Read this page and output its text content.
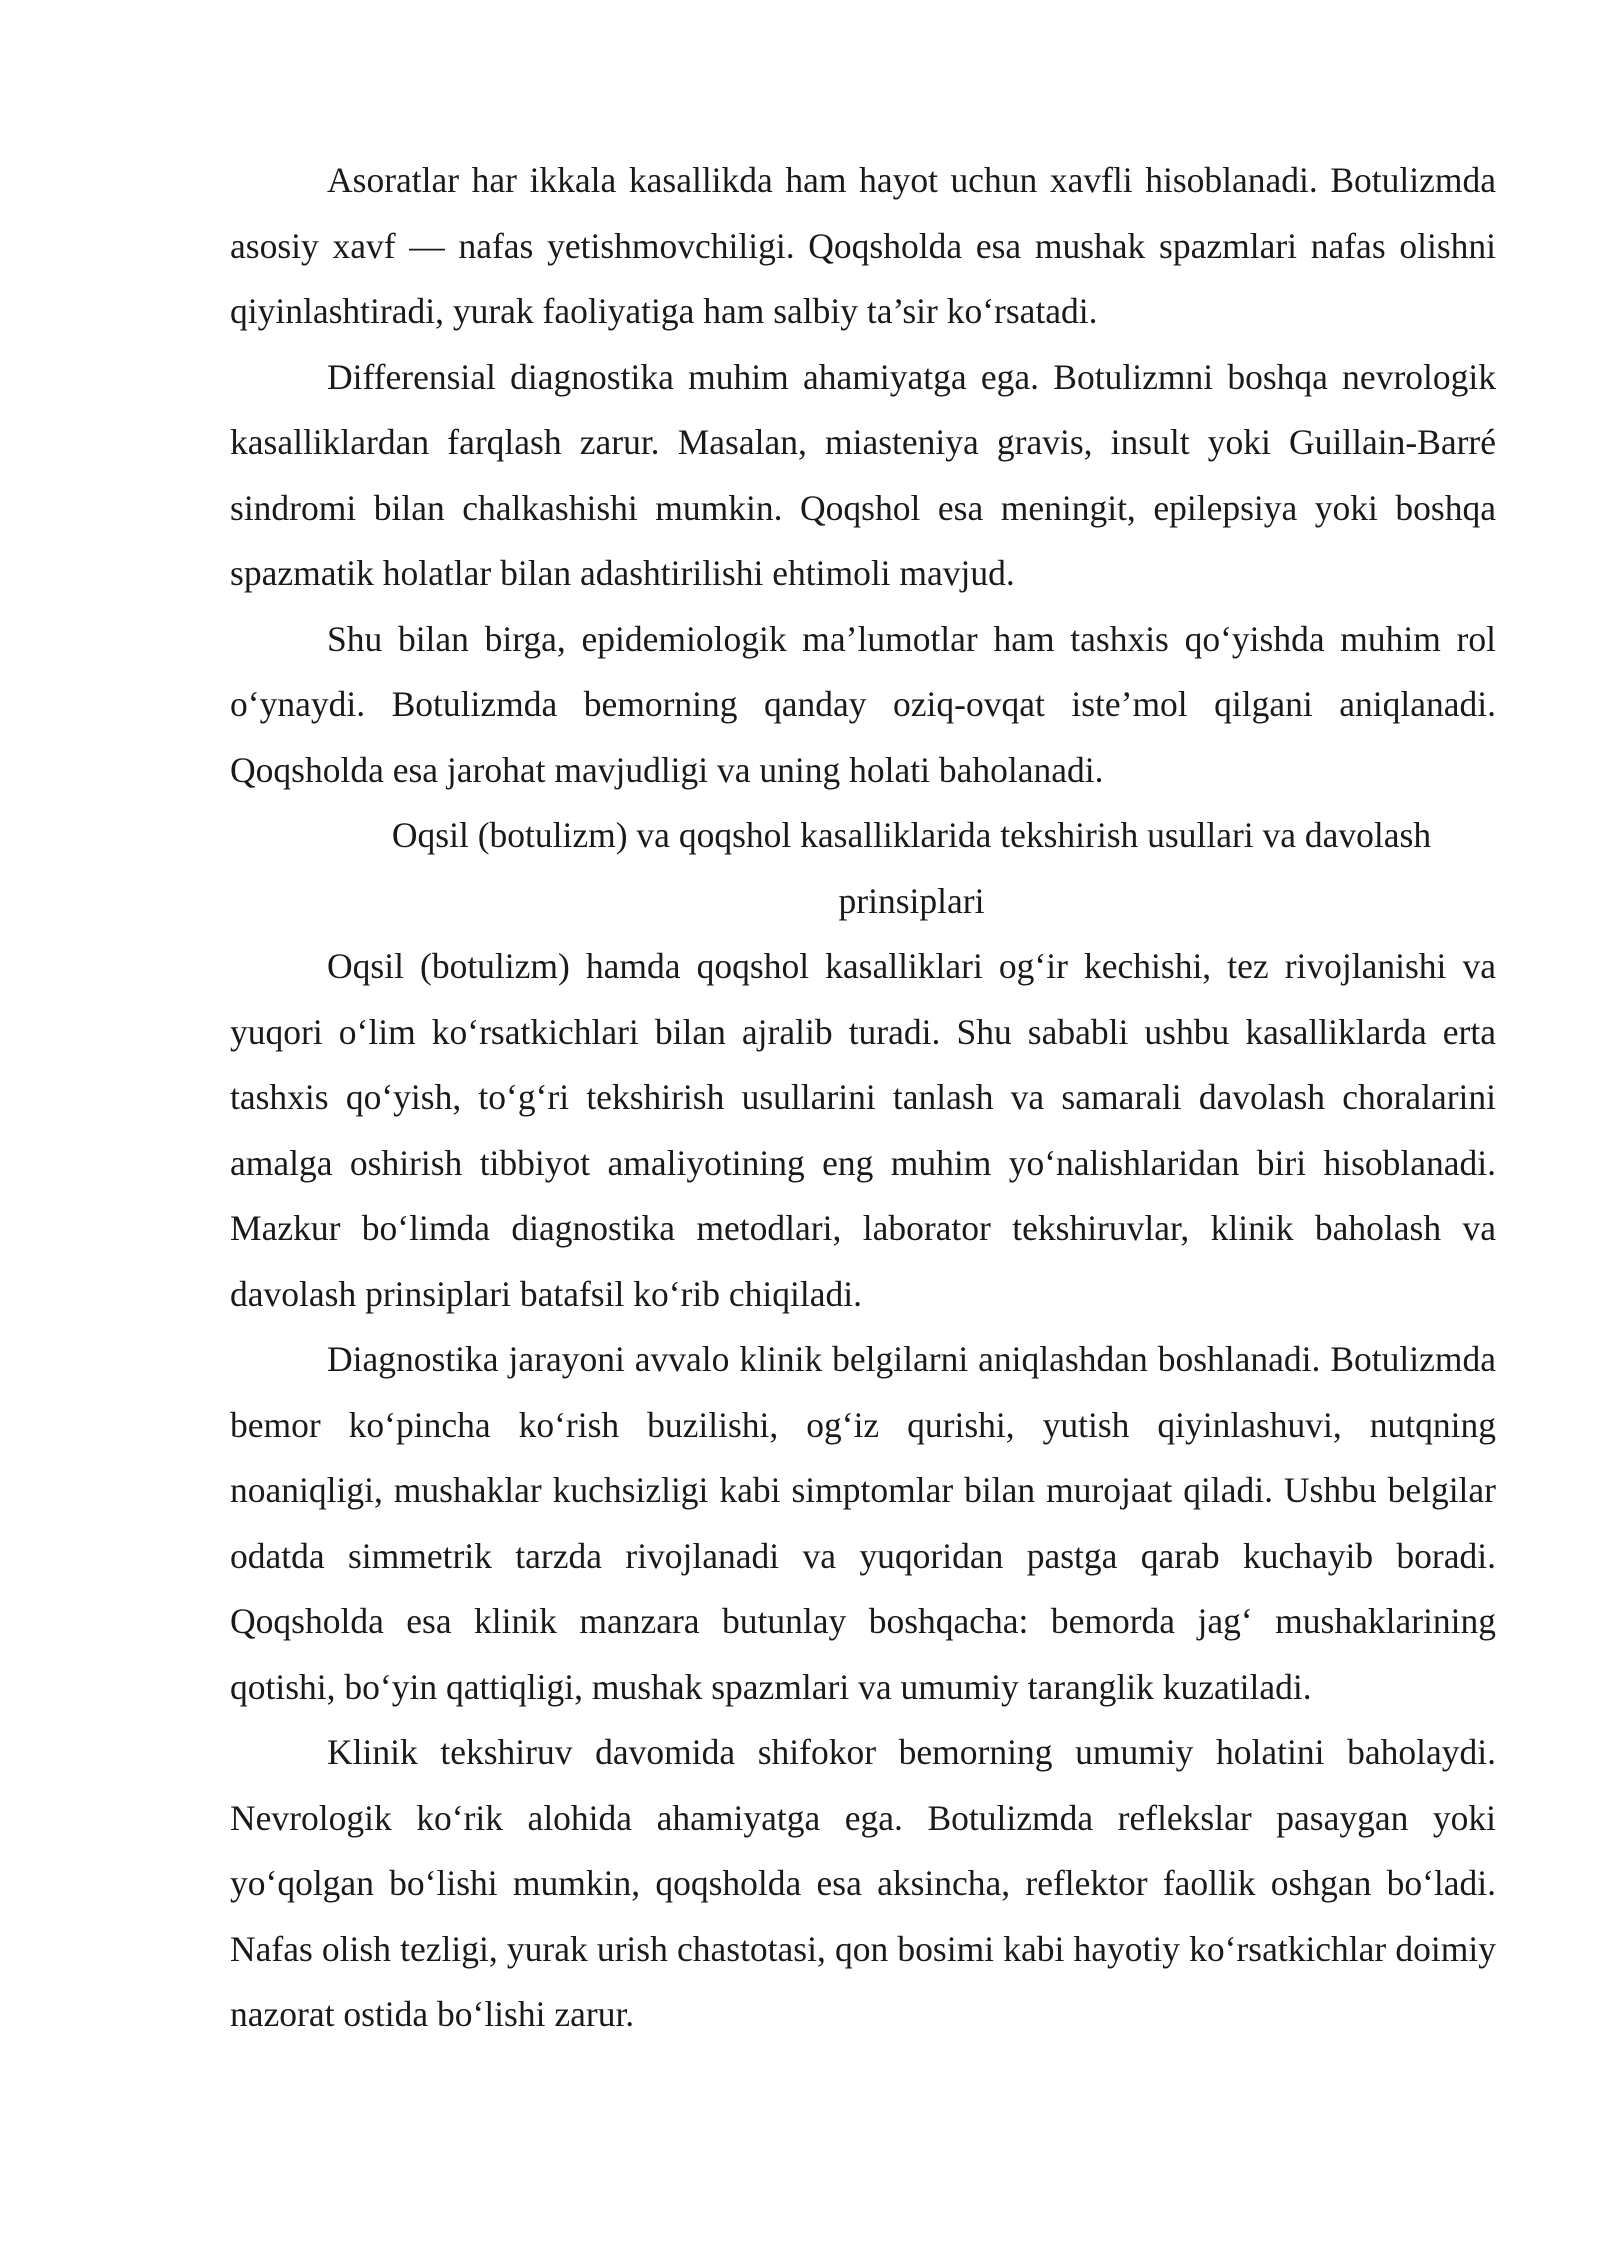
Asoratlar har ikkala kasallikda ham hayot uchun xavfli hisoblanadi. Botulizmda asosiy xavf — nafas yetishmovchiligi. Qoqsholda esa mushak spazmlari nafas olishni qiyinlashtiradi, yurak faoliyatiga ham salbiy ta’sir ko‘rsatadi.

Differensial diagnostika muhim ahamiyatga ega. Botulizmni boshqa nevrologik kasalliklardan farqlash zarur. Masalan, miasteniya gravis, insult yoki Guillain-Barré sindromi bilan chalkashishi mumkin. Qoqshol esa meningit, epilepsiya yoki boshqa spazmatik holatlar bilan adashtirilishi ehtimoli mavjud.

Shu bilan birga, epidemiologik ma’lumotlar ham tashxis qo‘yishda muhim rol o‘ynaydi. Botulizmda bemorning qanday oziq-ovqat iste’mol qilgani aniqlanadi. Qoqsholda esa jarohat mavjudligi va uning holati baholanadi.

Oqsil (botulizm) va qoqshol kasalliklarida tekshirish usullari va davolash prinsiplari

Oqsil (botulizm) hamda qoqshol kasalliklari og‘ir kechishi, tez rivojlanishi va yuqori o‘lim ko‘rsatkichlari bilan ajralib turadi. Shu sababli ushbu kasalliklarda erta tashxis qo‘yish, to‘g‘ri tekshirish usullarini tanlash va samarali davolash choralarini amalga oshirish tibbiyot amaliyotining eng muhim yo‘nalishlaridan biri hisoblanadi. Mazkur bo‘limda diagnostika metodlari, laborator tekshiruvlar, klinik baholash va davolash prinsiplari batafsil ko‘rib chiqiladi.

Diagnostika jarayoni avvalo klinik belgilarni aniqlashdan boshlanadi. Botulizmda bemor ko‘pincha ko‘rish buzilishi, og‘iz qurishi, yutish qiyinlashuvi, nutqning noaniqligi, mushaklar kuchsizligi kabi simptomlar bilan murojaat qiladi. Ushbu belgilar odatda simmetrik tarzda rivojlanadi va yuqoridan pastga qarab kuchayib boradi. Qoqsholda esa klinik manzara butunlay boshqacha: bemorda jag‘ mushaklarining qotishi, bo‘yin qattiqligi, mushak spazmlari va umumiy taranglik kuzatiladi.

Klinik tekshiruv davomida shifokor bemorning umumiy holatini baholaydi. Nevrologik ko‘rik alohida ahamiyatga ega. Botulizmda reflekslar pasaygan yoki yo‘qolgan bo‘lishi mumkin, qoqsholda esa aksincha, reflektor faollik oshgan bo‘ladi. Nafas olish tezligi, yurak urish chastotasi, qon bosimi kabi hayotiy ko‘rsatkichlar doimiy nazorat ostida bo‘lishi zarur.
